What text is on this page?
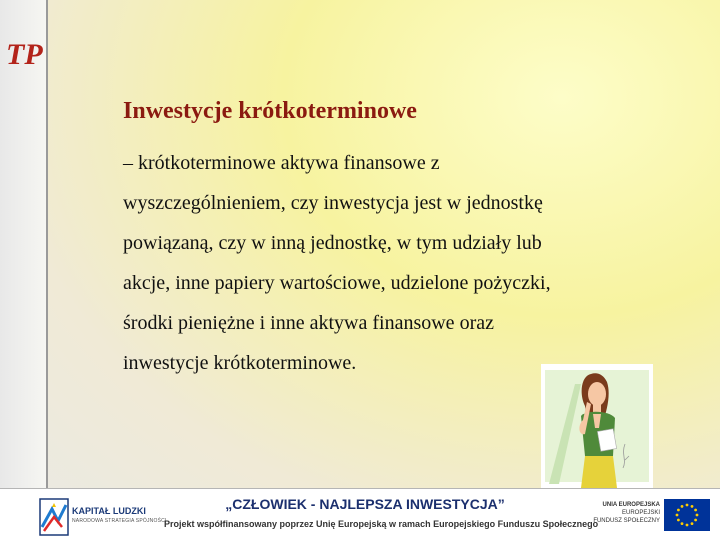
TP
Inwestycje krótkoterminowe

– krótkoterminowe aktywa finansowe z

wyszczególnieniem, czy inwestycja jest w jednostkę

powiązaną, czy w inną jednostkę, w tym udziały lub

akcje, inne papiery wartościowe, udzielone pożyczki,

środki pieniężne i inne aktywa finansowe oraz

inwestycje krótkoterminowe.

KAPITAŁ LUDZKI
NARODOWA STRATEGIA SPÓJNOŚCI
„CZŁOWIEK - NAJLEPSZA INWESTYCJA”
Projekt współfinansowany poprzez Unię Europejską w ramach Europejskiego Funduszu Społecznego
UNIA EUROPEJSKA
EUROPEJSKI
FUNDUSZ SPOŁECZNY
